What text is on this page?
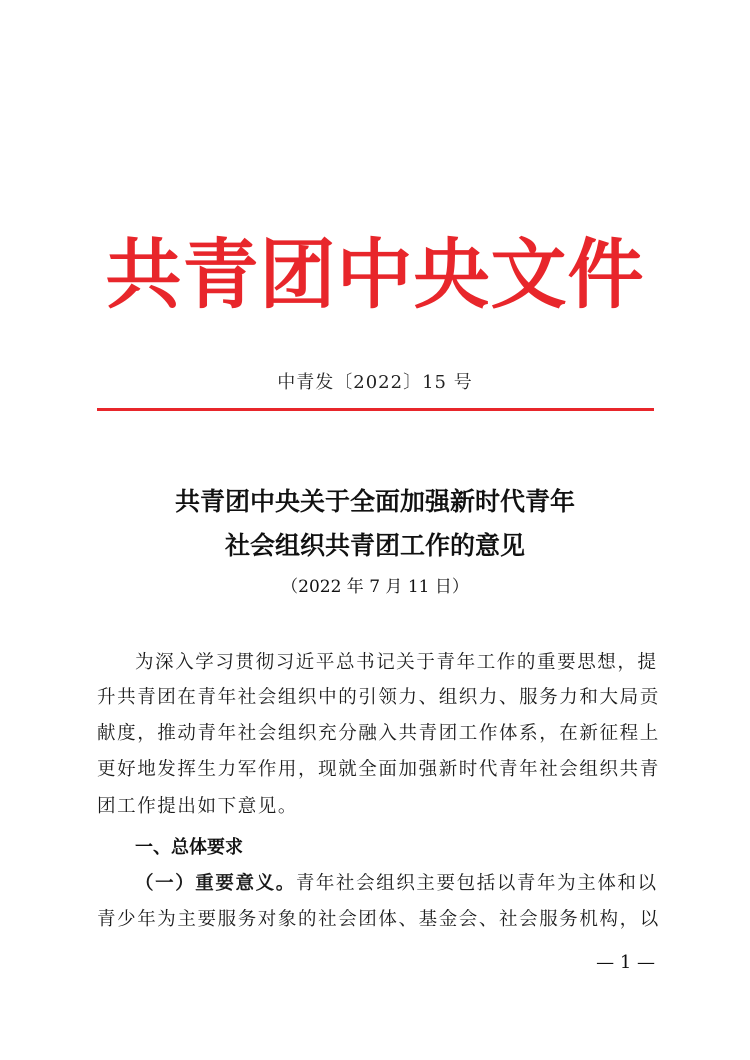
共青团中央文件
中青发〔2022〕15 号
共青团中央关于全面加强新时代青年
社会组织共青团工作的意见
（2022 年 7 月 11 日）
为深入学习贯彻习近平总书记关于青年工作的重要思想，提
升共青团在青年社会组织中的引领力、组织力、服务力和大局贡
献度，推动青年社会组织充分融入共青团工作体系，在新征程上
更好地发挥生力军作用，现就全面加强新时代青年社会组织共青
团工作提出如下意见。
一、总体要求
（一）重要意义。青年社会组织主要包括以青年为主体和以
青少年为主要服务对象的社会团体、基金会、社会服务机构，以
— 1 —
